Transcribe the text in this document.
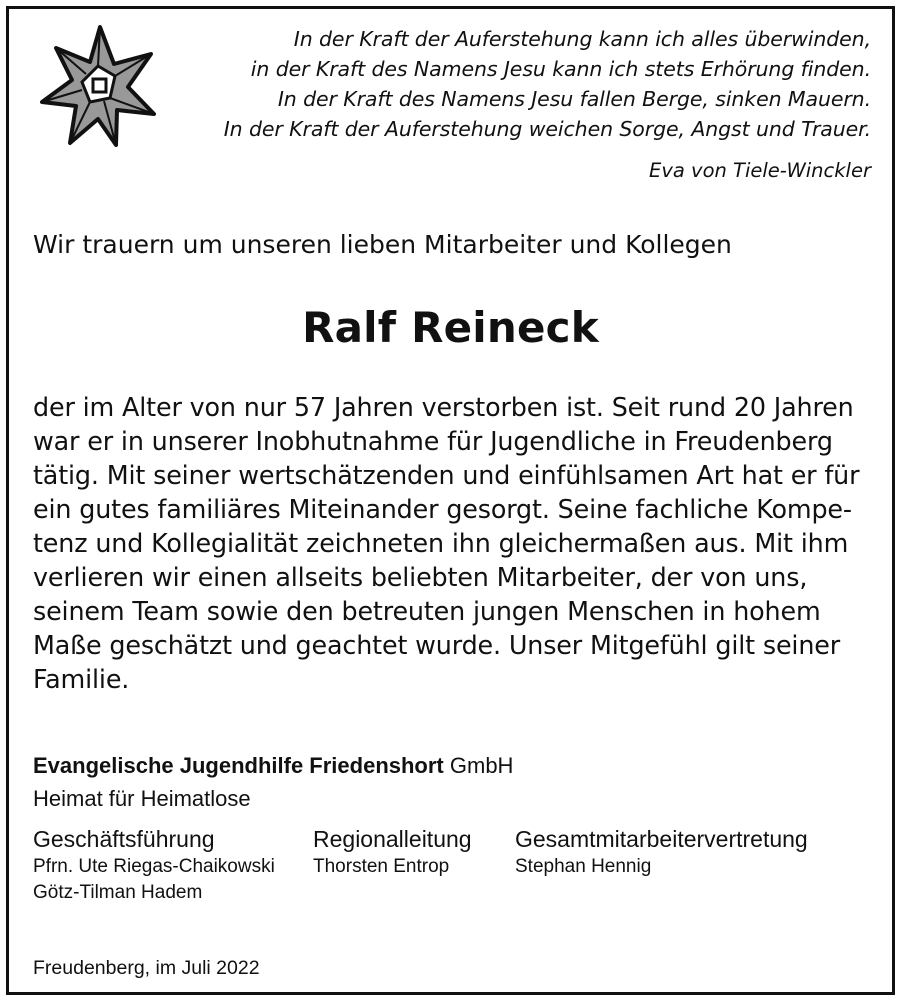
In der Kraft der Auferstehung kann ich alles überwinden,
in der Kraft des Namens Jesu kann ich stets Erhörung finden.
In der Kraft des Namens Jesu fallen Berge, sinken Mauern.
In der Kraft der Auferstehung weichen Sorge, Angst und Trauer.
Eva von Tiele-Winckler
Wir trauern um unseren lieben Mitarbeiter und Kollegen
Ralf Reineck
der im Alter von nur 57 Jahren verstorben ist. Seit rund 20 Jahren
war er in unserer Inobhutnahme für Jugendliche in Freudenberg
tätig. Mit seiner wertschätzenden und einfühlsamen Art hat er für
ein gutes familiäres Miteinander gesorgt. Seine fachliche Kompe-
tenz und Kollegialität zeichneten ihn gleichermaßen aus. Mit ihm
verlieren wir einen allseits beliebten Mitarbeiter, der von uns,
seinem Team sowie den betreuten jungen Menschen in hohem
Maße geschätzt und geachtet wurde. Unser Mitgefühl gilt seiner
Familie.
Evangelische Jugendhilfe Friedenshort GmbH
Heimat für Heimatlose
Geschäftsführung
Pfrn. Ute Riegas-Chaikowski
Götz-Tilman Hadem
Regionalleitung
Thorsten Entrop
Gesamtmitarbeitervertretung
Stephan Hennig
Freudenberg, im Juli 2022
